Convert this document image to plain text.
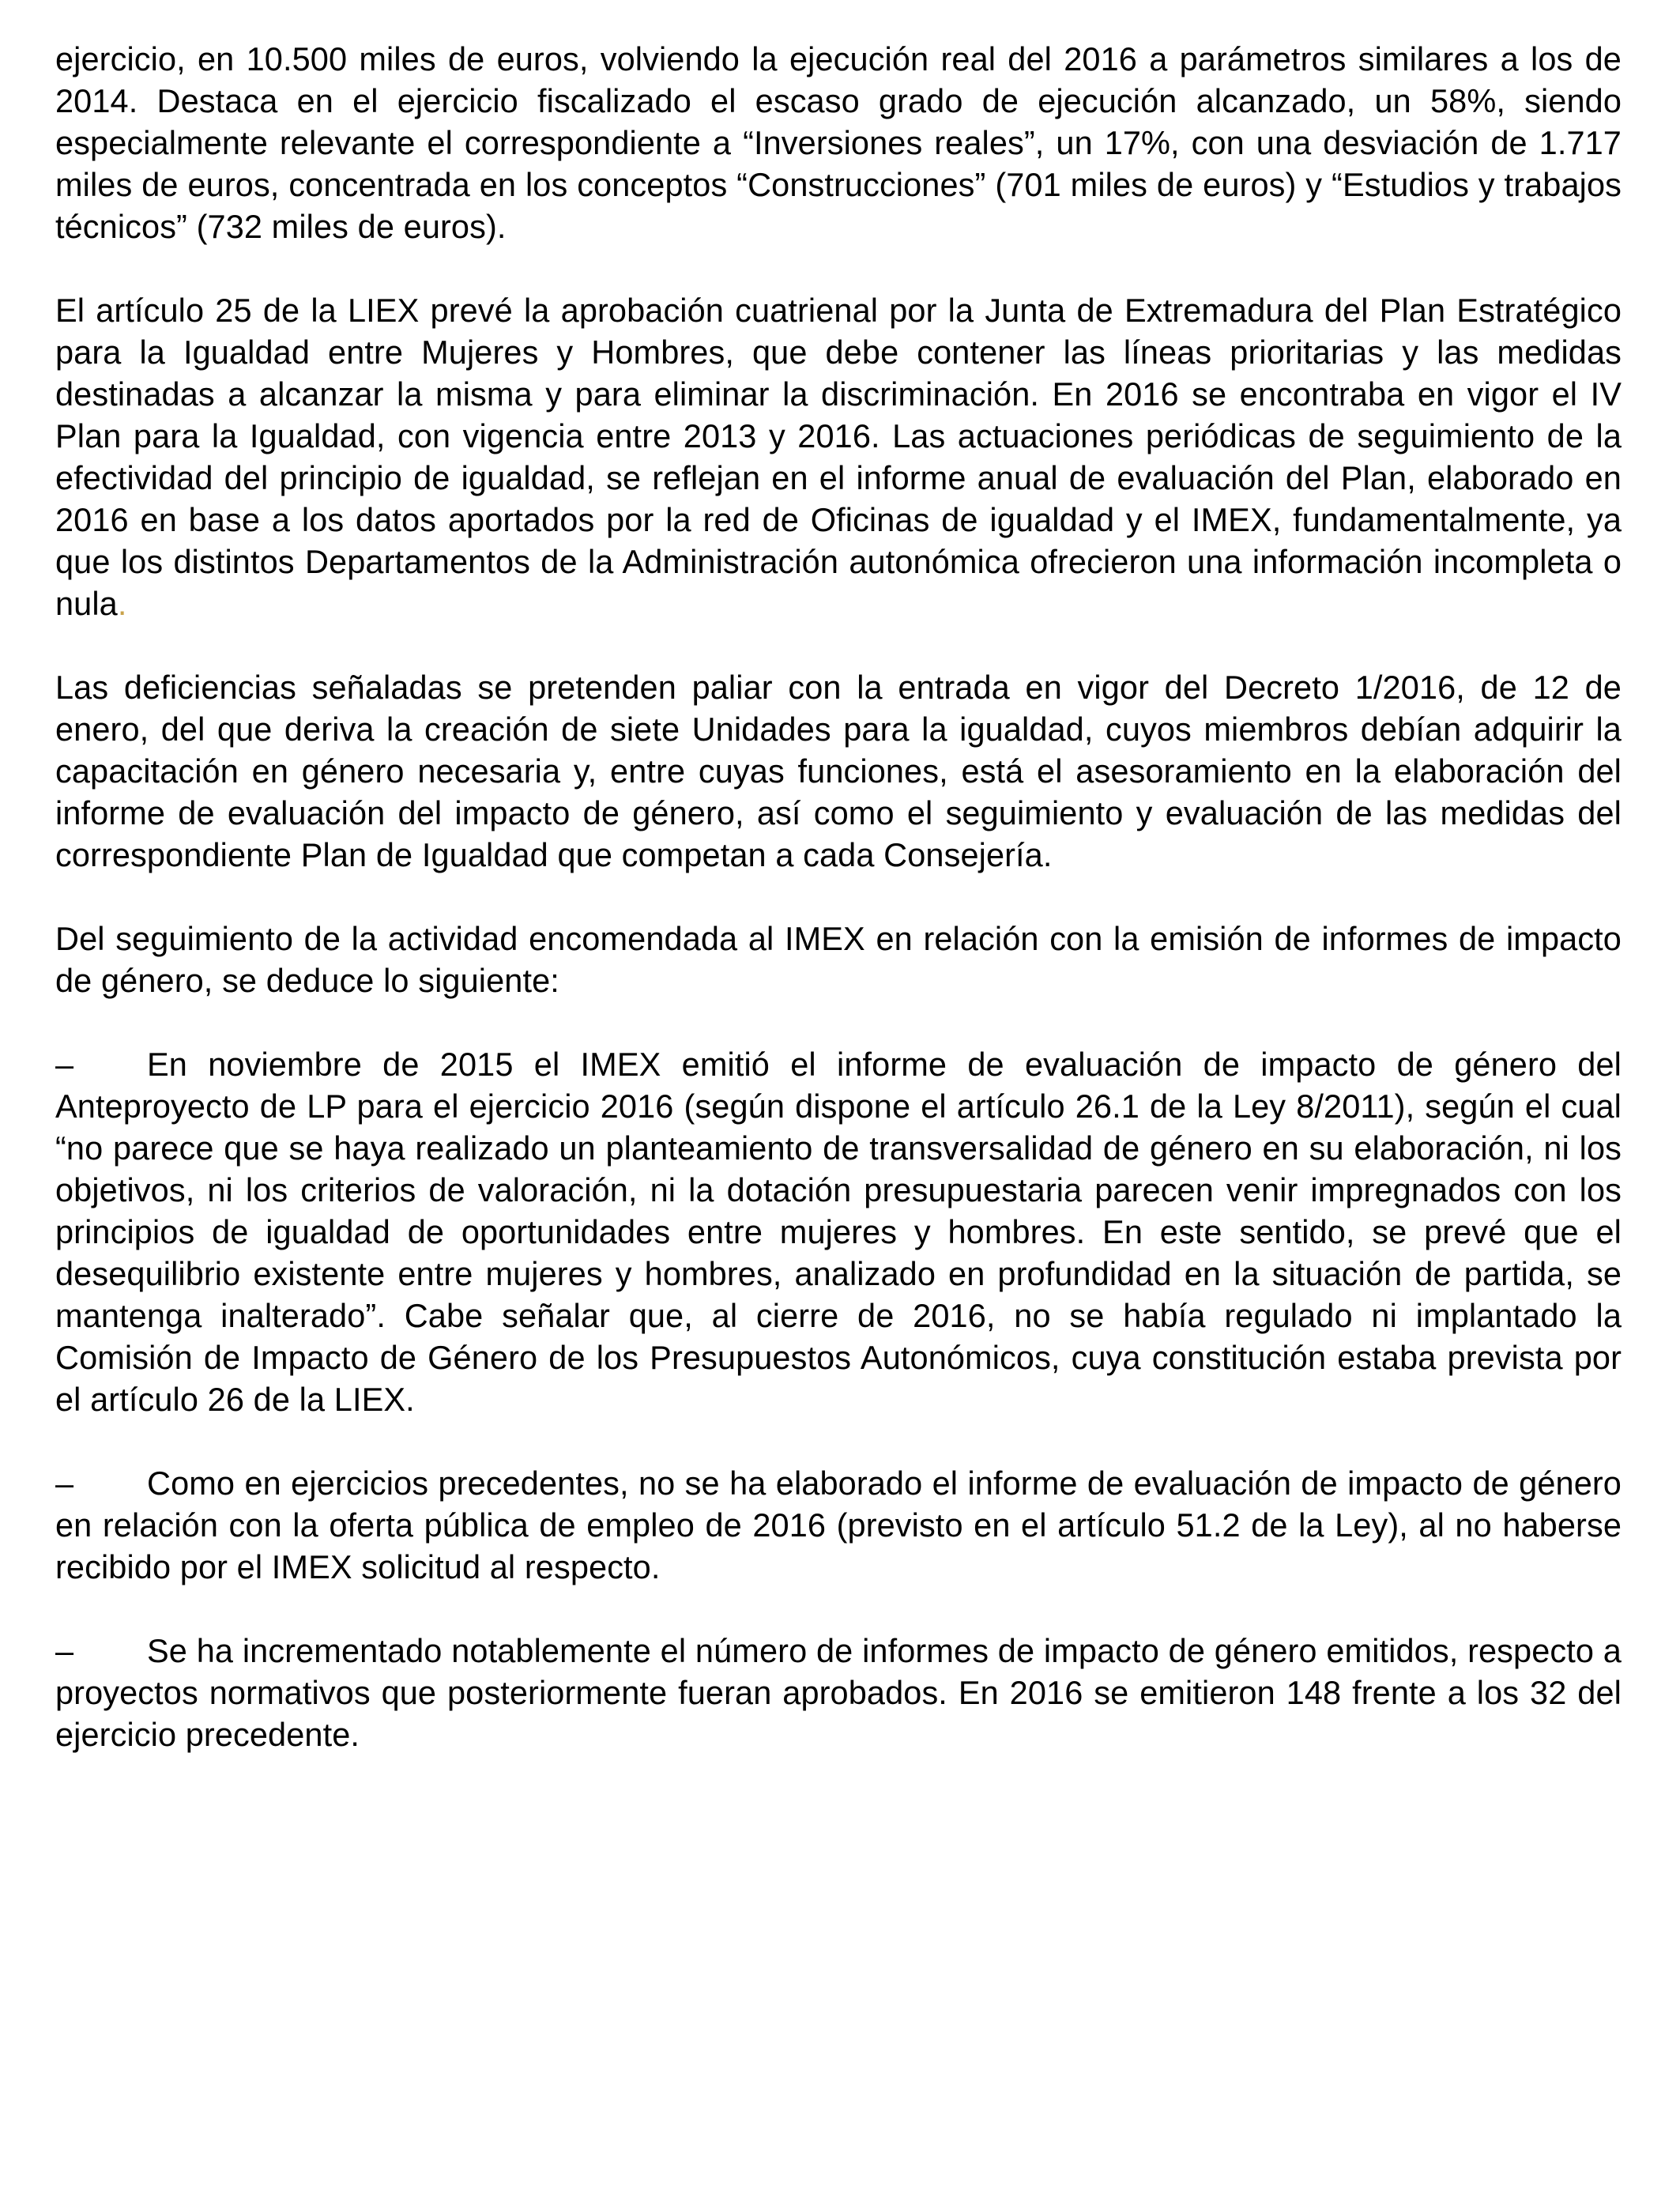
ejercicio, en 10.500 miles de euros, volviendo la ejecución real del 2016 a parámetros similares a los de 2014. Destaca en el ejercicio fiscalizado el escaso grado de ejecución alcanzado, un 58%, siendo especialmente relevante el correspondiente a “Inversiones reales”, un 17%, con una desviación de 1.717 miles de euros, concentrada en los conceptos “Construcciones” (701 miles de euros) y “Estudios y trabajos técnicos” (732 miles de euros).

El artículo 25 de la LIEX prevé la aprobación cuatrienal por la Junta de Extremadura del Plan Estratégico para la Igualdad entre Mujeres y Hombres, que debe contener las líneas prioritarias y las medidas destinadas a alcanzar la misma y para eliminar la discriminación. En 2016 se encontraba en vigor el IV Plan para la Igualdad, con vigencia entre 2013 y 2016. Las actuaciones periódicas de seguimiento de la efectividad del principio de igualdad, se reflejan en el informe anual de evaluación del Plan, elaborado en 2016 en base a los datos aportados por la red de Oficinas de igualdad y el IMEX, fundamentalmente, ya que los distintos Departamentos de la Administración autonómica ofrecieron una información incompleta o nula.

Las deficiencias señaladas se pretenden paliar con la entrada en vigor del Decreto 1/2016, de 12 de enero, del que deriva la creación de siete Unidades para la igualdad, cuyos miembros debían adquirir la capacitación en género necesaria y, entre cuyas funciones, está el asesoramiento en la elaboración del informe de evaluación del impacto de género, así como el seguimiento y evaluación de las medidas del correspondiente Plan de Igualdad que competan a cada Consejería.

Del seguimiento de la actividad encomendada al IMEX en relación con la emisión de informes de impacto de género, se deduce lo siguiente:

– En noviembre de 2015 el IMEX emitió el informe de evaluación de impacto de género del Anteproyecto de LP para el ejercicio 2016 (según dispone el artículo 26.1 de la Ley 8/2011), según el cual “no parece que se haya realizado un planteamiento de transversalidad de género en su elaboración, ni los objetivos, ni los criterios de valoración, ni la dotación presupuestaria parecen venir impregnados con los principios de igualdad de oportunidades entre mujeres y hombres. En este sentido, se prevé que el desequilibrio existente entre mujeres y hombres, analizado en profundidad en la situación de partida, se mantenga inalterado”. Cabe señalar que, al cierre de 2016, no se había regulado ni implantado la Comisión de Impacto de Género de los Presupuestos Autonómicos, cuya constitución estaba prevista por el artículo 26 de la LIEX.
– Como en ejercicios precedentes, no se ha elaborado el informe de evaluación de impacto de género en relación con la oferta pública de empleo de 2016 (previsto en el artículo 51.2 de la Ley), al no haberse recibido por el IMEX solicitud al respecto.
– Se ha incrementado notablemente el número de informes de impacto de género emitidos, respecto a proyectos normativos que posteriormente fueran aprobados. En 2016 se emitieron 148 frente a los 32 del ejercicio precedente.
